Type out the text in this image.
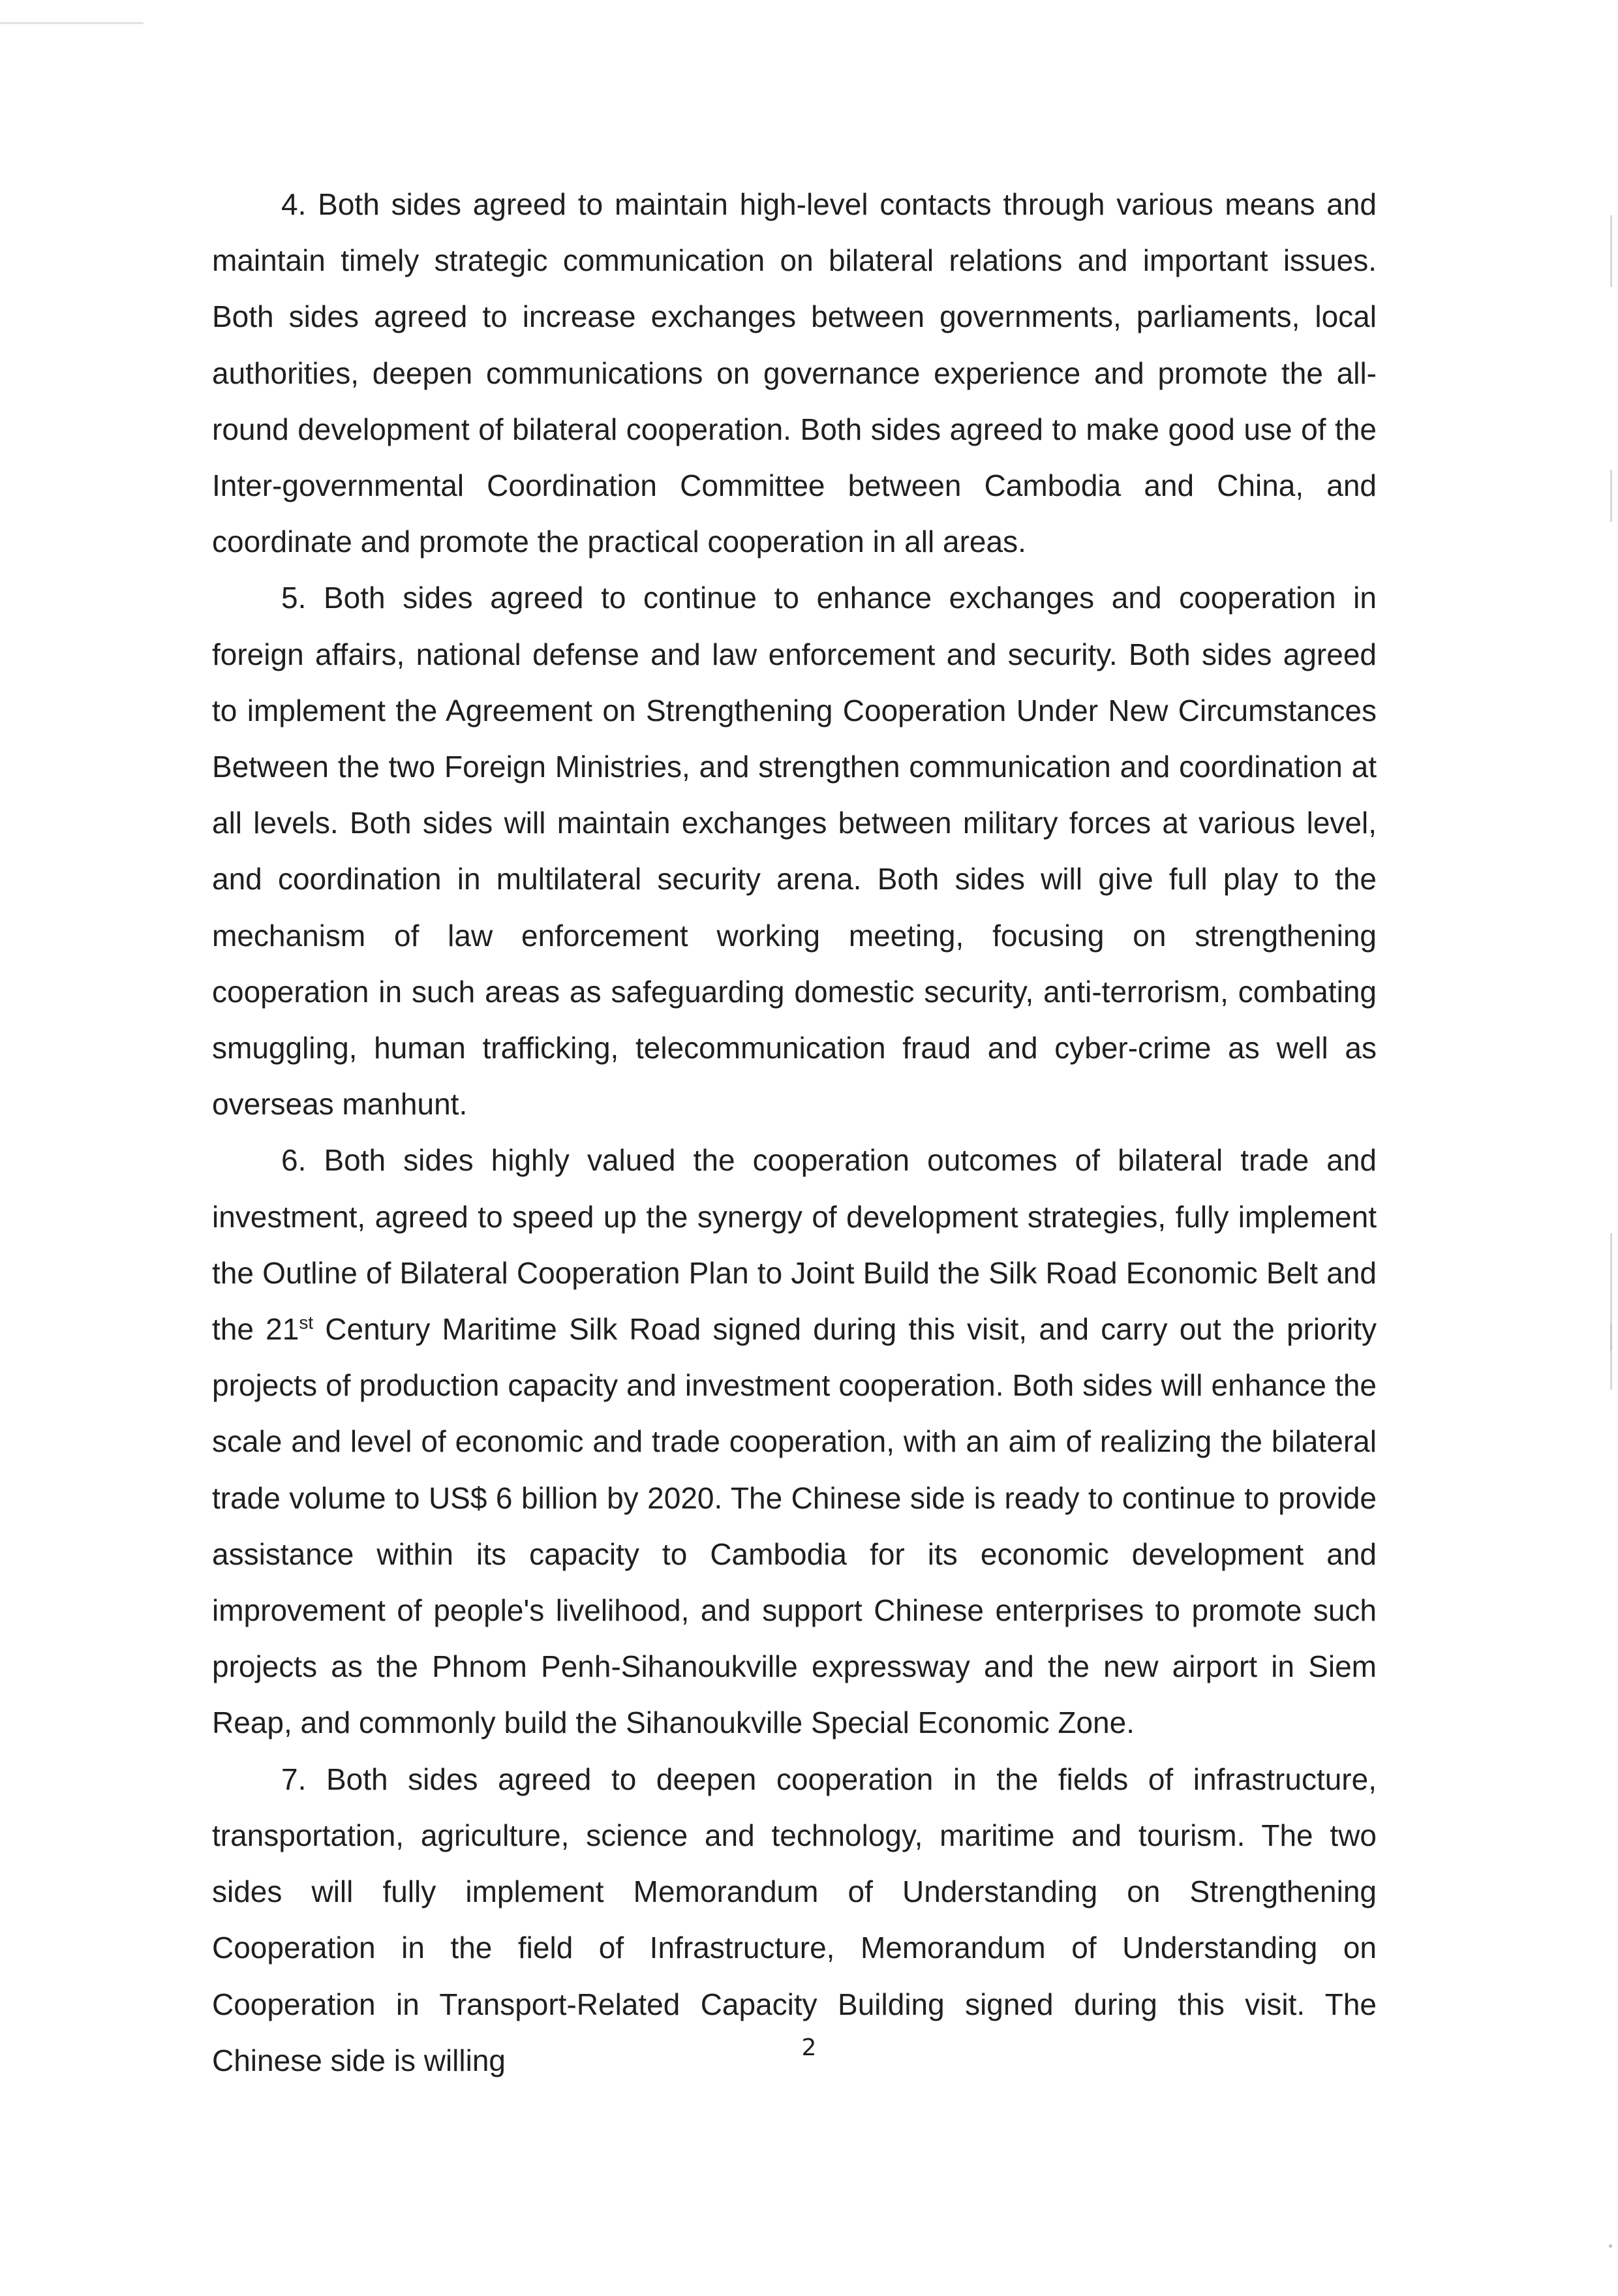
4. Both sides agreed to maintain high-level contacts through various means and maintain timely strategic communication on bilateral relations and important issues. Both sides agreed to increase exchanges between governments, parliaments, local authorities, deepen communications on governance experience and promote the all-round development of bilateral cooperation. Both sides agreed to make good use of the Inter-governmental Coordination Committee between Cambodia and China, and coordinate and promote the practical cooperation in all areas.

5. Both sides agreed to continue to enhance exchanges and cooperation in foreign affairs, national defense and law enforcement and security. Both sides agreed to implement the Agreement on Strengthening Cooperation Under New Circumstances Between the two Foreign Ministries, and strengthen communication and coordination at all levels. Both sides will maintain exchanges between military forces at various level, and coordination in multilateral security arena. Both sides will give full play to the mechanism of law enforcement working meeting, focusing on strengthening cooperation in such areas as safeguarding domestic security, anti-terrorism, combating smuggling, human trafficking, telecommunication fraud and cyber-crime as well as overseas manhunt.

6. Both sides highly valued the cooperation outcomes of bilateral trade and investment, agreed to speed up the synergy of development strategies, fully implement the Outline of Bilateral Cooperation Plan to Joint Build the Silk Road Economic Belt and the 21st Century Maritime Silk Road signed during this visit, and carry out the priority projects of production capacity and investment cooperation. Both sides will enhance the scale and level of economic and trade cooperation, with an aim of realizing the bilateral trade volume to US$ 6 billion by 2020. The Chinese side is ready to continue to provide assistance within its capacity to Cambodia for its economic development and improvement of people's livelihood, and support Chinese enterprises to promote such projects as the Phnom Penh-Sihanoukville expressway and the new airport in Siem Reap, and commonly build the Sihanoukville Special Economic Zone.

7. Both sides agreed to deepen cooperation in the fields of infrastructure, transportation, agriculture, science and technology, maritime and tourism. The two sides will fully implement Memorandum of Understanding on Strengthening Cooperation in the field of Infrastructure, Memorandum of Understanding on Cooperation in Transport-Related Capacity Building signed during this visit. The Chinese side is willing	2
